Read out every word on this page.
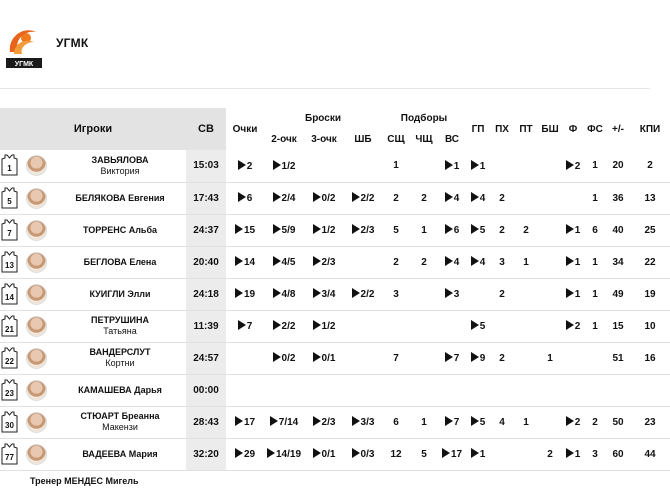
УГМК
УГМК
Игроки	СВ	Очки	Броски			Подборы			ГП	ПХ	ПТ	БШ	Ф	ФС	+/-	КПИ
			2-очк	3-очк	ШБ	СЩ	ЧЩ	ВС								

1
ЗАВЬЯЛОВА
Виктория	15:03	2	1/2			1		1	1				2	1	20	2

5 БЕЛЯКОВА Евгения	17:43	6	2/4	0/2	2/2	2	2	4	4	2				1	36	13

7 ТОРРЕНС Альба	24:37	15	5/9	1/2	2/3	5	1	6	5	2	2		1	6	40	25

13 БЕГЛОВА Елена	20:40	14	4/5	2/3		2	2	4	4	3	1		1	1	34	22

14 КУИГЛИ Элли	24:18	19	4/8	3/4	2/2	3		3		2			1	1	49	19

21
ПЕТРУШИНА
Татьяна	11:39	7	2/2	1/2					5				2	1	15	10

22
ВАНДЕРСЛУТ
Кортни	24:57		0/2	0/1		7		7	9	2		1			51	16

23 КАМАШЕВА Дарья	00:00															

30
СТЮАРТ Бреанна
Макензи	28:43	17	7/14	2/3	3/3	6	1	7	5	4	1		2	2	50	23

77 ВАДЕЕВА Мария	32:20	29	14/19	0/1	0/3	12	5	17	1			2	1	3	60	44
Тренер МЕНДЕС Мигель																
